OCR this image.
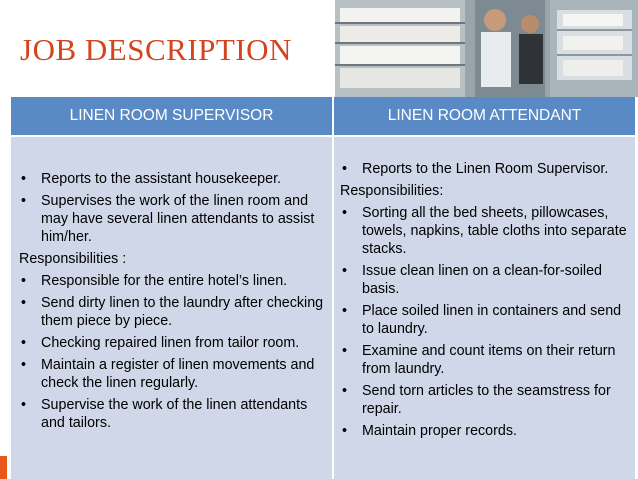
JOB DESCRIPTION
LINEN ROOM SUPERVISOR	LINEN ROOM ATTENDANT
• Reports to the assistant housekeeper.
• Supervises the work of the linen room and may have several linen attendants to assist him/her.
Responsibilities :
• Responsible for the entire hotel’s linen.
• Send dirty linen to the laundry after checking them piece by piece.
• Checking repaired linen from tailor room.
• Maintain a register of linen movements and check the linen regularly.
• Supervise the work of the linen attendants and tailors.
• Reports to the Linen Room Supervisor.
Responsibilities:
• Sorting all the bed sheets, pillowcases, towels, napkins, table cloths into separate stacks.
• Issue clean linen on a clean-for-soiled basis.
• Place soiled linen in containers and send to laundry.
• Examine and count items on their return from laundry.
• Send torn articles to the seamstress for repair.
• Maintain proper records.
